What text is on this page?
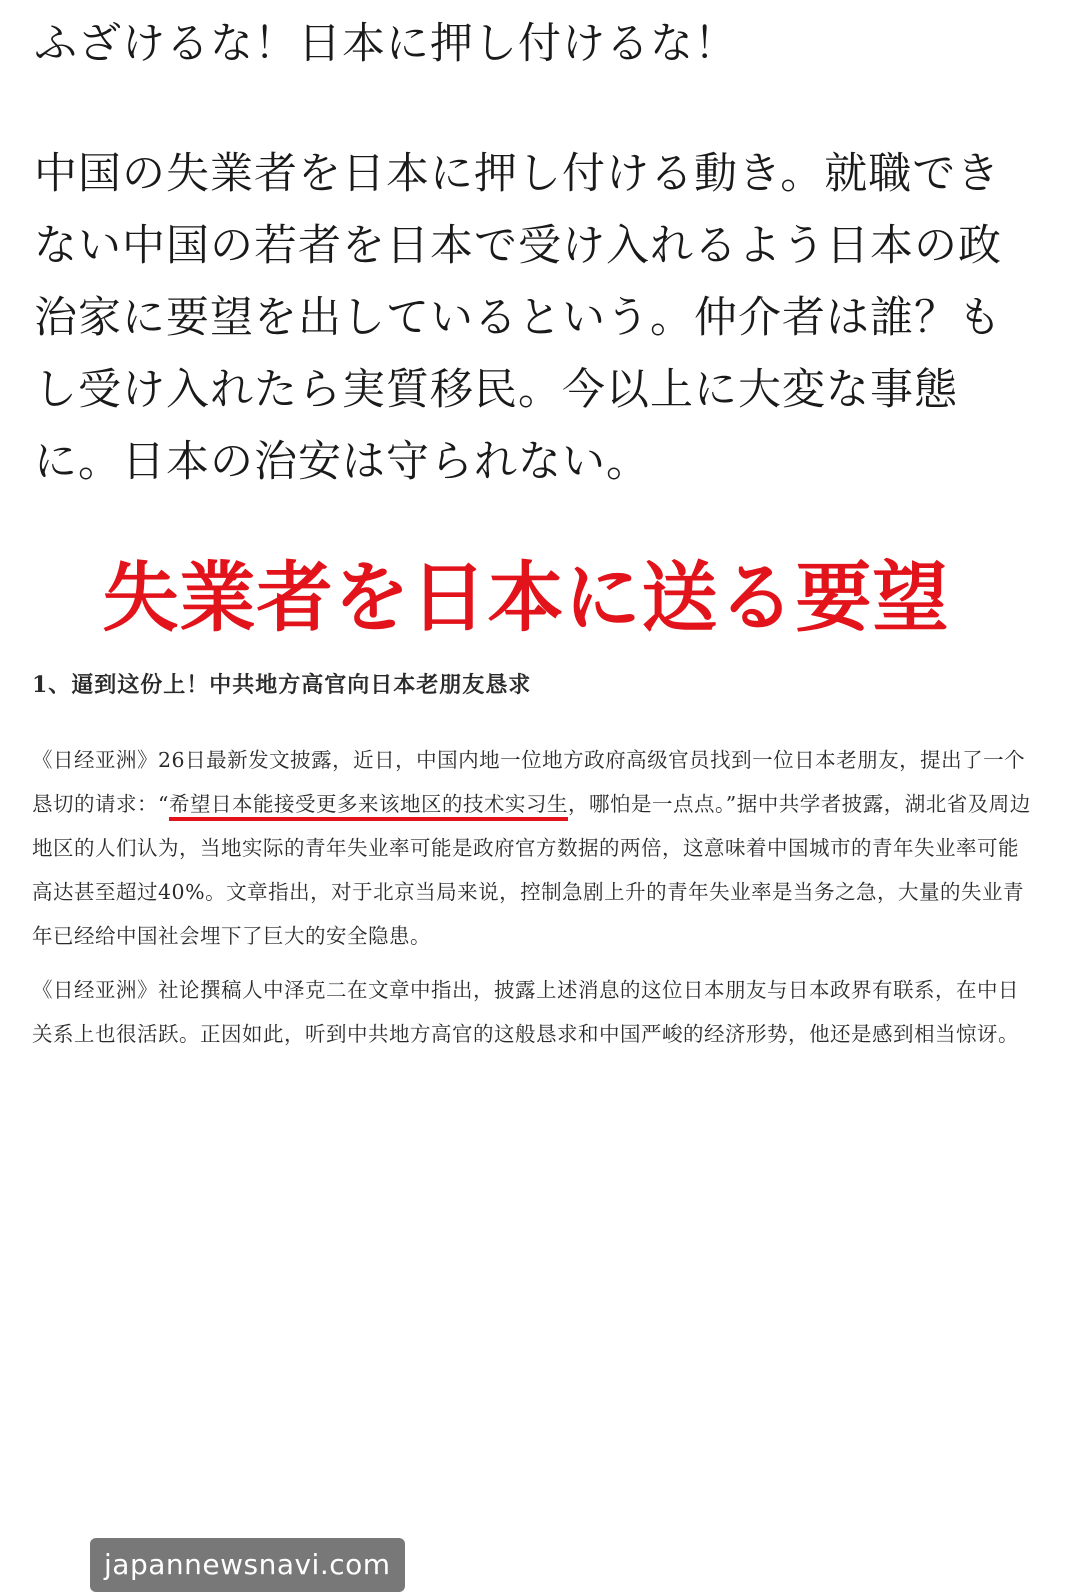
ふざけるな！日本に押し付けるな！

中国の失業者を日本に押し付ける動き。就職できない中国の若者を日本で受け入れるよう日本の政治家に要望を出しているという。仲介者は誰？もし受け入れたら実質移民。今以上に大変な事態に。日本の治安は守られない。

失業者を日本に送る要望

1、逼到这份上！中共地方高官向日本老朋友恳求

《日经亚洲》26日最新发文披露，近日，中国内地一位地方政府高级官员找到一位日本老朋友，提出了一个恳切的请求：“希望日本能接受更多来该地区的技术实习生，哪怕是一点点。”据中共学者披露，湖北省及周边地区的人们认为，当地实际的青年失业率可能是政府官方数据的两倍，这意味着中国城市的青年失业率可能高达甚至超过40%。文章指出，对于北京当局来说，控制急剧上升的青年失业率是当务之急，大量的失业青年已经给中国社会埋下了巨大的安全隐患。

《日经亚洲》社论撰稿人中泽克二在文章中指出，披露上述消息的这位日本朋友与日本政界有联系，在中日关系上也很活跃。正因如此，听到中共地方高官的这般恳求和中国严峻的经济形势，他还是感到相当惊讶。

japannewsnavi.com
